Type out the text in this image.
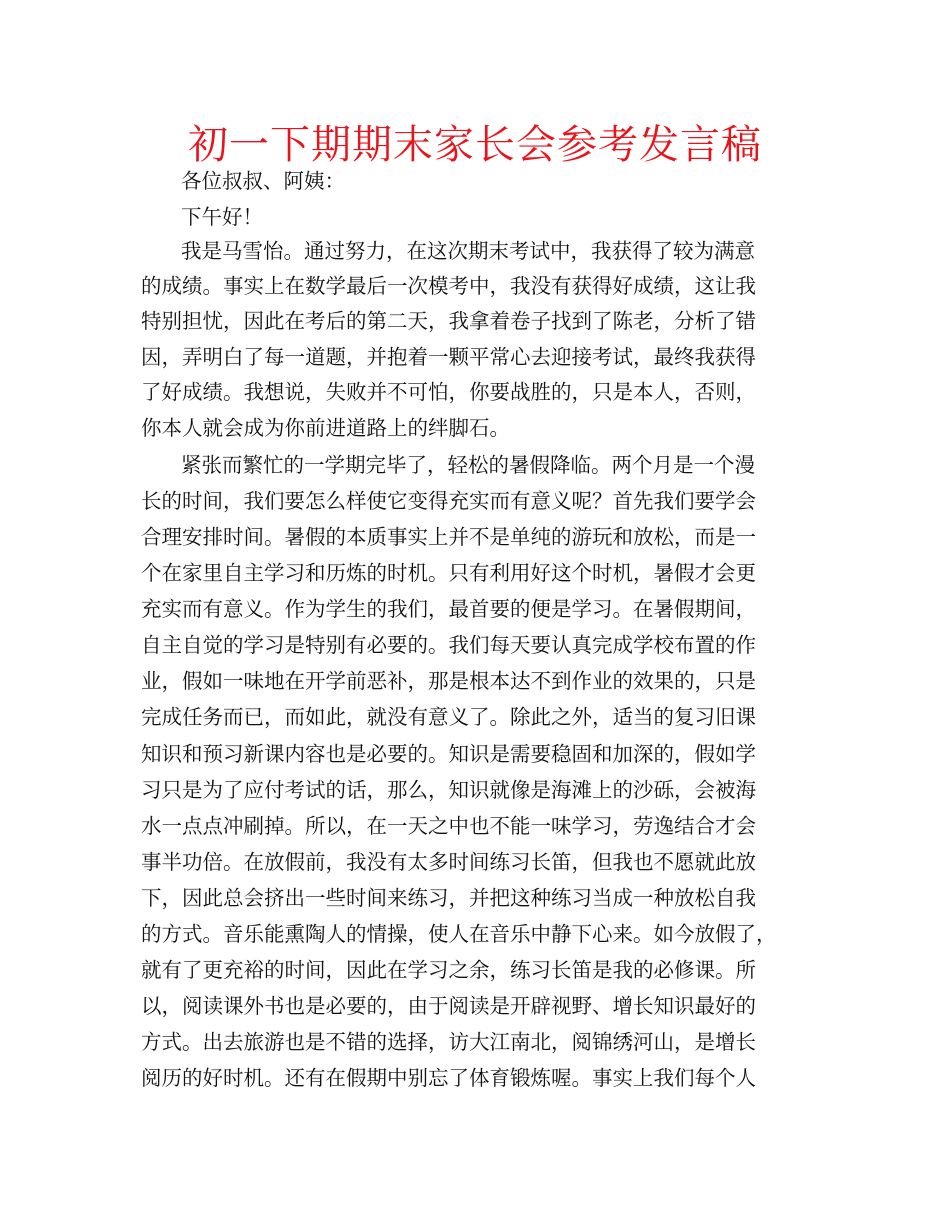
初一下期期末家长会参考发言稿
各位叔叔、阿姨：
下午好！
我是马雪怡。通过努力，在这次期末考试中，我获得了较为满意
的成绩。事实上在数学最后一次模考中，我没有获得好成绩，这让我
特别担忧，因此在考后的第二天，我拿着卷子找到了陈老，分析了错
因，弄明白了每一道题，并抱着一颗平常心去迎接考试，最终我获得
了好成绩。我想说，失败并不可怕，你要战胜的，只是本人，否则，
你本人就会成为你前进道路上的绊脚石。
紧张而繁忙的一学期完毕了，轻松的暑假降临。两个月是一个漫
长的时间，我们要怎么样使它变得充实而有意义呢？首先我们要学会
合理安排时间。暑假的本质事实上并不是单纯的游玩和放松，而是一
个在家里自主学习和历炼的时机。只有利用好这个时机，暑假才会更
充实而有意义。作为学生的我们，最首要的便是学习。在暑假期间，
自主自觉的学习是特别有必要的。我们每天要认真完成学校布置的作
业，假如一味地在开学前恶补，那是根本达不到作业的效果的，只是
完成任务而已，而如此，就没有意义了。除此之外，适当的复习旧课
知识和预习新课内容也是必要的。知识是需要稳固和加深的，假如学
习只是为了应付考试的话，那么，知识就像是海滩上的沙砾，会被海
水一点点冲刷掉。所以，在一天之中也不能一味学习，劳逸结合才会
事半功倍。在放假前，我没有太多时间练习长笛，但我也不愿就此放
下，因此总会挤出一些时间来练习，并把这种练习当成一种放松自我
的方式。音乐能熏陶人的情操，使人在音乐中静下心来。如今放假了，
就有了更充裕的时间，因此在学习之余，练习长笛是我的必修课。所
以，阅读课外书也是必要的，由于阅读是开辟视野、增长知识最好的
方式。出去旅游也是不错的选择，访大江南北，阅锦绣河山，是增长
阅历的好时机。还有在假期中别忘了体育锻炼喔。事实上我们每个人
